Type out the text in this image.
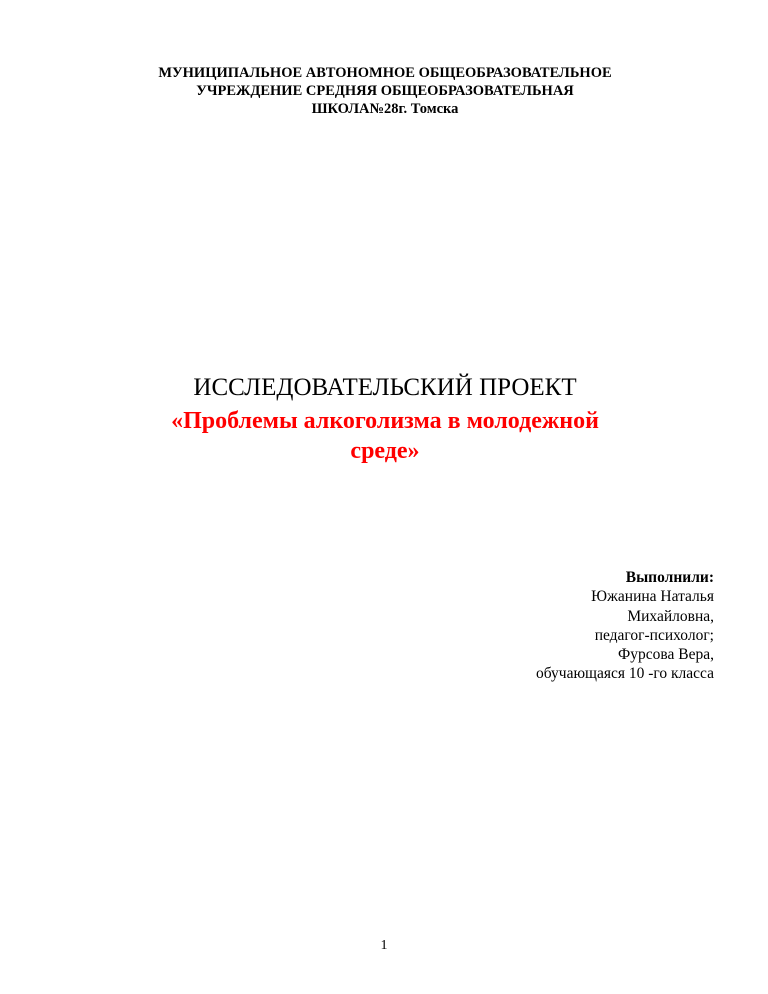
МУНИЦИПАЛЬНОЕ АВТОНОМНОЕ ОБЩЕОБРАЗОВАТЕЛЬНОЕ
УЧРЕЖДЕНИЕ СРЕДНЯЯ ОБЩЕОБРАЗОВАТЕЛЬНАЯ
ШКОЛА№28г. Томска
ИССЛЕДОВАТЕЛЬСКИЙ ПРОЕКТ
«Проблемы алкоголизма в молодежной
среде»
Выполнили:
Южанина Наталья
Михайловна,
педагог-психолог;
Фурсова Вера,
обучающаяся 10 -го класса
1
